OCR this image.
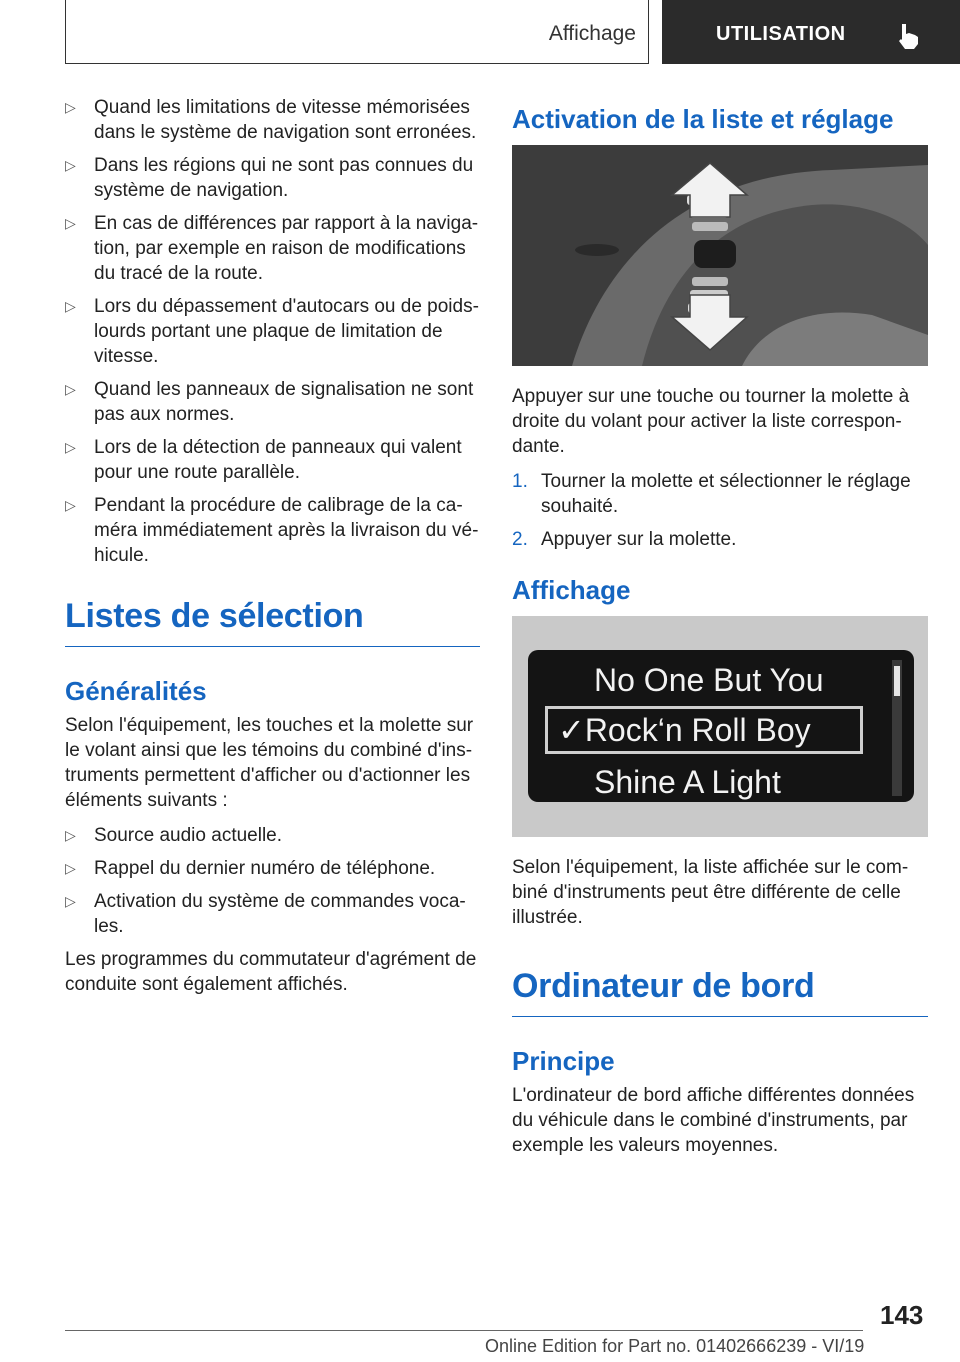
Affichage	UTILISATION
▷ Quand les limitations de vitesse mémorisées dans le système de navigation sont erronées.
▷ Dans les régions qui ne sont pas connues du système de navigation.
▷ En cas de différences par rapport à la navigation, par exemple en raison de modifications du tracé de la route.
▷ Lors du dépassement d'autocars ou de poids-lourds portant une plaque de limitation de vitesse.
▷ Quand les panneaux de signalisation ne sont pas aux normes.
▷ Lors de la détection de panneaux qui valent pour une route parallèle.
▷ Pendant la procédure de calibrage de la caméra immédiatement après la livraison du véhicule.
Listes de sélection
Généralités
Selon l'équipement, les touches et la molette sur le volant ainsi que les témoins du combiné d'instruments permettent d'afficher ou d'actionner les éléments suivants :
▷ Source audio actuelle.
▷ Rappel du dernier numéro de téléphone.
▷ Activation du système de commandes vocales.
Les programmes du commutateur d'agrément de conduite sont également affichés.
Activation de la liste et réglage
Appuyer sur une touche ou tourner la molette à droite du volant pour activer la liste correspondante.
1. Tourner la molette et sélectionner le réglage souhaité.
2. Appuyer sur la molette.
Affichage
No One But You
✓Rock‘n Roll Boy
Shine A Light
Selon l'équipement, la liste affichée sur le combiné d'instruments peut être différente de celle illustrée.
Ordinateur de bord
Principe
L'ordinateur de bord affiche différentes données du véhicule dans le combiné d'instruments, par exemple les valeurs moyennes.
143
Online Edition for Part no. 01402666239 - VI/19
